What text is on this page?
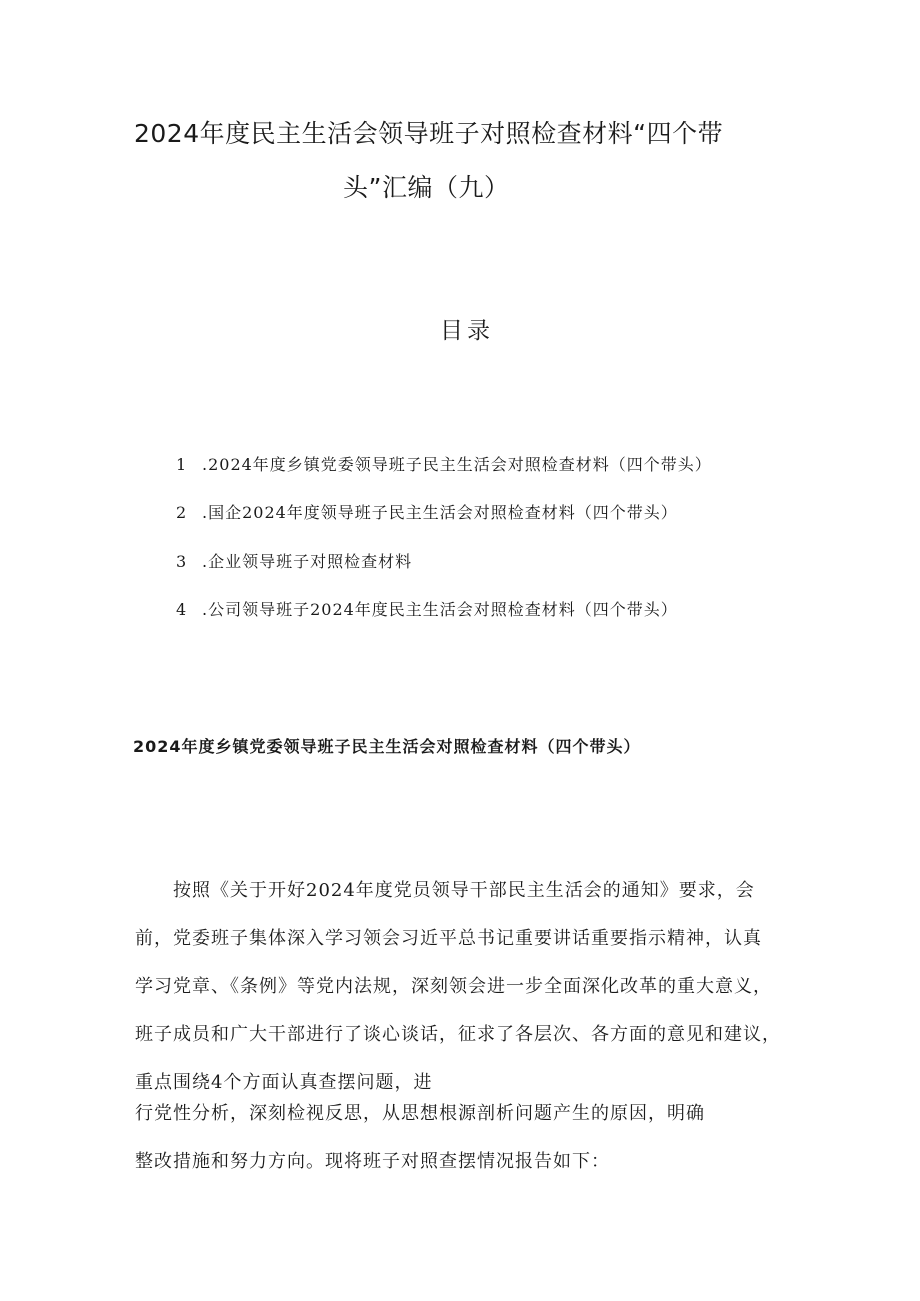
2024年度民主生活会领导班子对照检查材料“四个带
头”汇编（九）
目录
1 .2024年度乡镇党委领导班子民主生活会对照检查材料（四个带头）
2 .国企2024年度领导班子民主生活会对照检查材料（四个带头）
3 .企业领导班子对照检查材料
4 .公司领导班子2024年度民主生活会对照检查材料（四个带头）
2024年度乡镇党委领导班子民主生活会对照检查材料（四个带头）
　　按照《关于开好2024年度党员领导干部民主生活会的通知》要求，会
前，党委班子集体深入学习领会习近平总书记重要讲话重要指示精神，认真
学习党章、《条例》等党内法规，深刻领会进一步全面深化改革的重大意义，
班子成员和广大干部进行了谈心谈话，征求了各层次、各方面的意见和建议，
重点围绕4个方面认真查摆问题，进
行党性分析，深刻检视反思，从思想根源剖析问题产生的原因，明确
整改措施和努力方向。现将班子对照查摆情况报告如下：
